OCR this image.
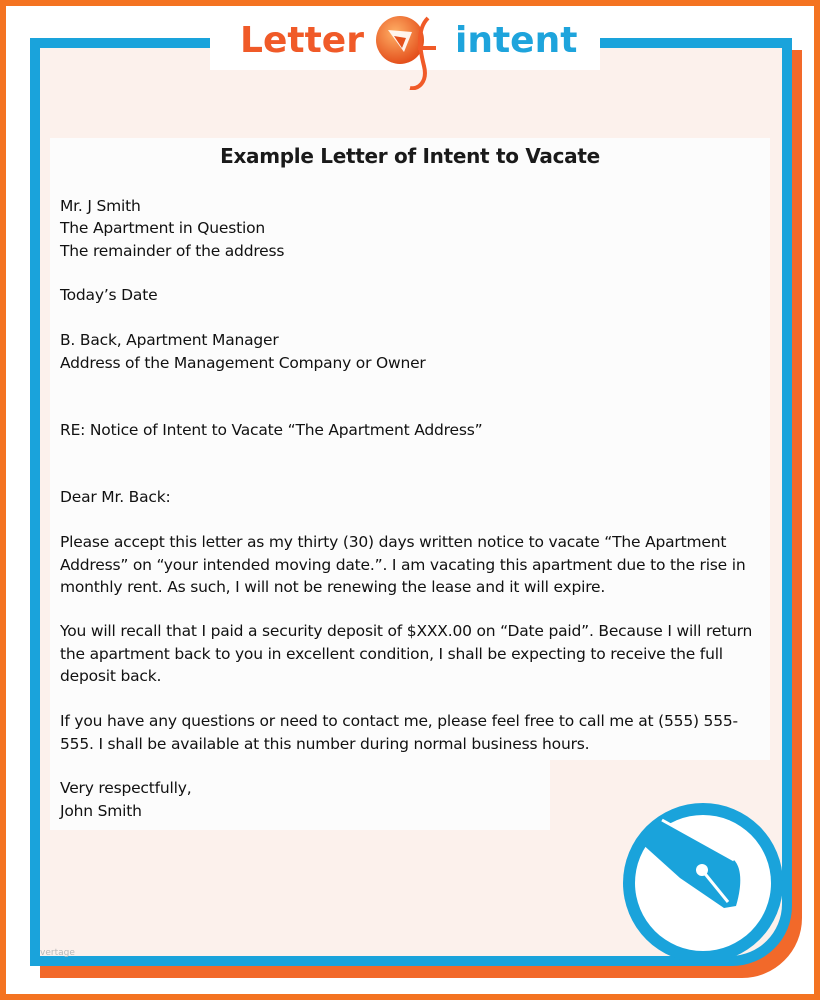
Letter	intent
Example Letter of Intent to Vacate
Mr. J Smith
The Apartment in Question
The remainder of the address
Today’s Date
B. Back, Apartment Manager
Address of the Management Company or Owner
RE: Notice of Intent to Vacate “The Apartment Address”
Dear Mr. Back:
Please accept this letter as my thirty (30) days written notice to vacate “The Apartment
Address” on “your intended moving date.”. I am vacating this apartment due to the rise in
monthly rent. As such, I will not be renewing the lease and it will expire.
You will recall that I paid a security deposit of $XXX.00 on “Date paid”. Because I will return
the apartment back to you in excellent condition, I shall be expecting to receive the full
deposit back.
If you have any questions or need to contact me, please feel free to call me at (555) 555-
555. I shall be available at this number during normal business hours.
Very respectfully,
John Smith
vertage
